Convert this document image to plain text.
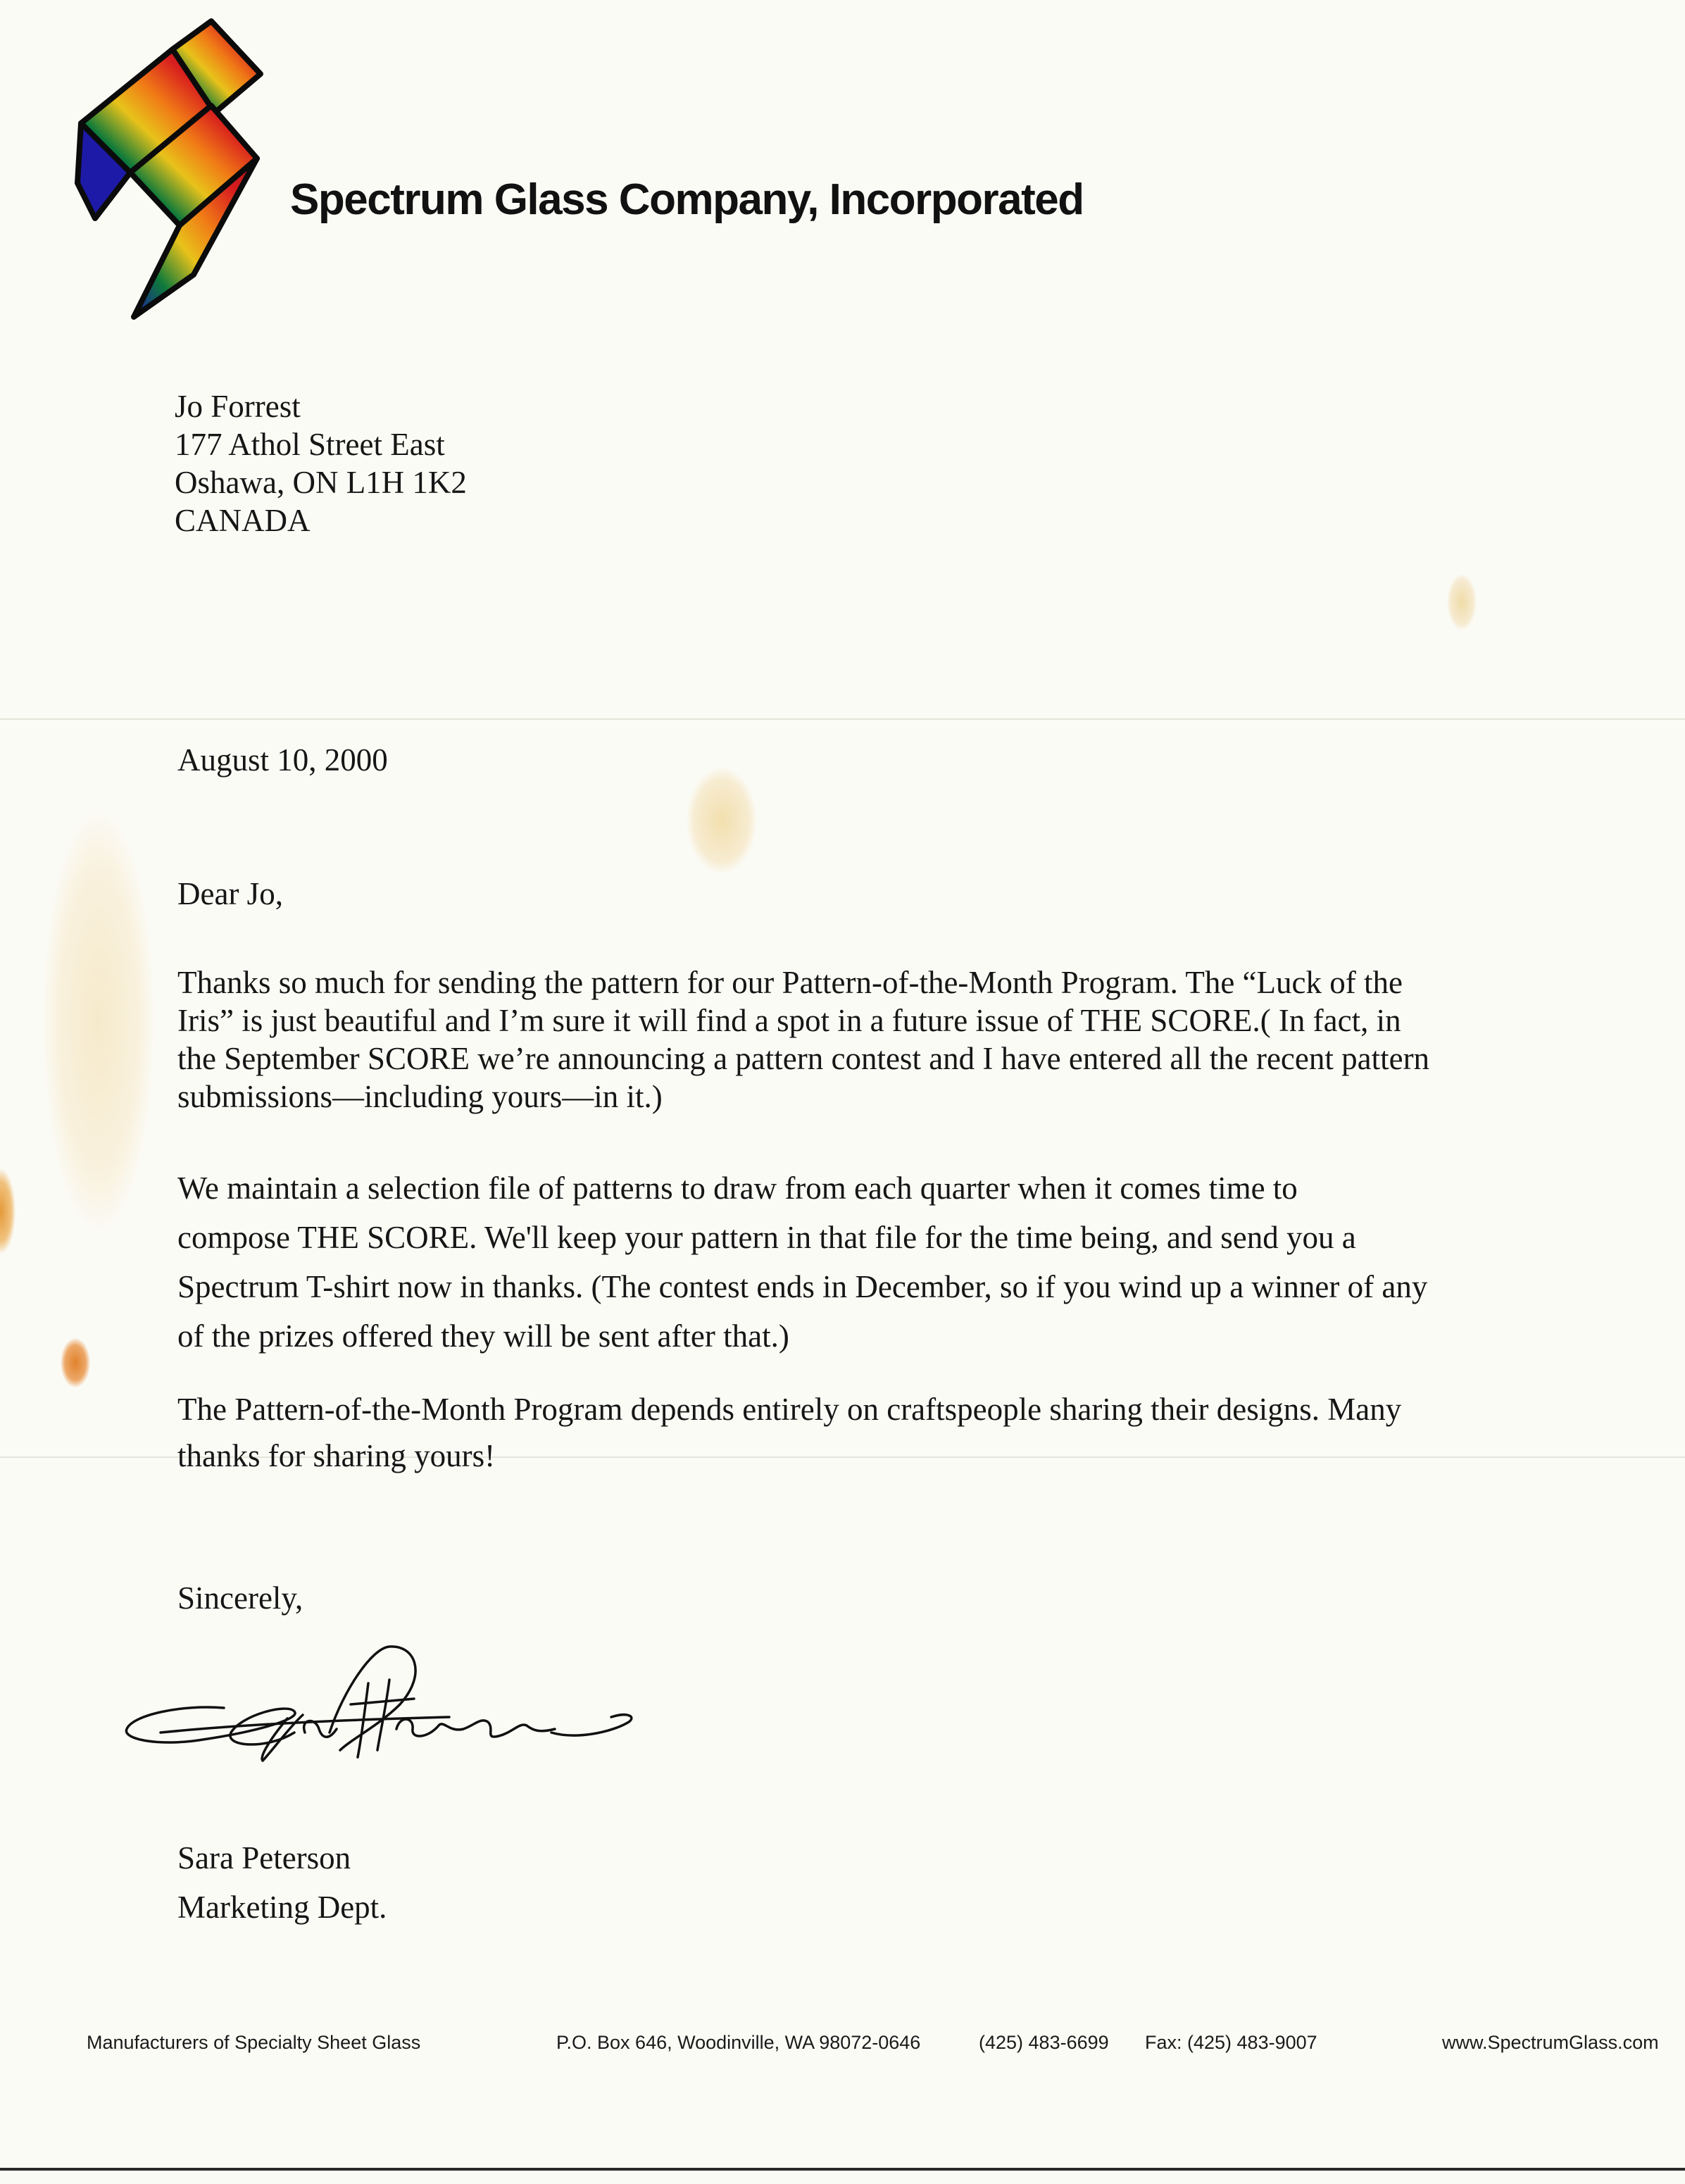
Spectrum Glass Company, Incorporated
Jo Forrest
177 Athol Street East
Oshawa, ON L1H 1K2
CANADA
August 10, 2000
Dear Jo,
Thanks so much for sending the pattern for our Pattern-of-the-Month Program. The “Luck of the
Iris” is just beautiful and I’m sure it will find a spot in a future issue of THE SCORE.( In fact, in
the September SCORE we’re announcing a pattern contest and I have entered all the recent pattern
submissions—including yours—in it.)
We maintain a selection file of patterns to draw from each quarter when it comes time to
compose THE SCORE. We'll keep your pattern in that file for the time being, and send you a
Spectrum T-shirt now in thanks. (The contest ends in December, so if you wind up a winner of any
of the prizes offered they will be sent after that.)
The Pattern-of-the-Month Program depends entirely on craftspeople sharing their designs. Many
thanks for sharing yours!
Sincerely,
Sara Peterson
Marketing Dept.
Manufacturers of Specialty Sheet Glass	P.O. Box 646, Woodinville, WA 98072-0646	(425) 483-6699 Fax: (425) 483-9007	www.SpectrumGlass.com
